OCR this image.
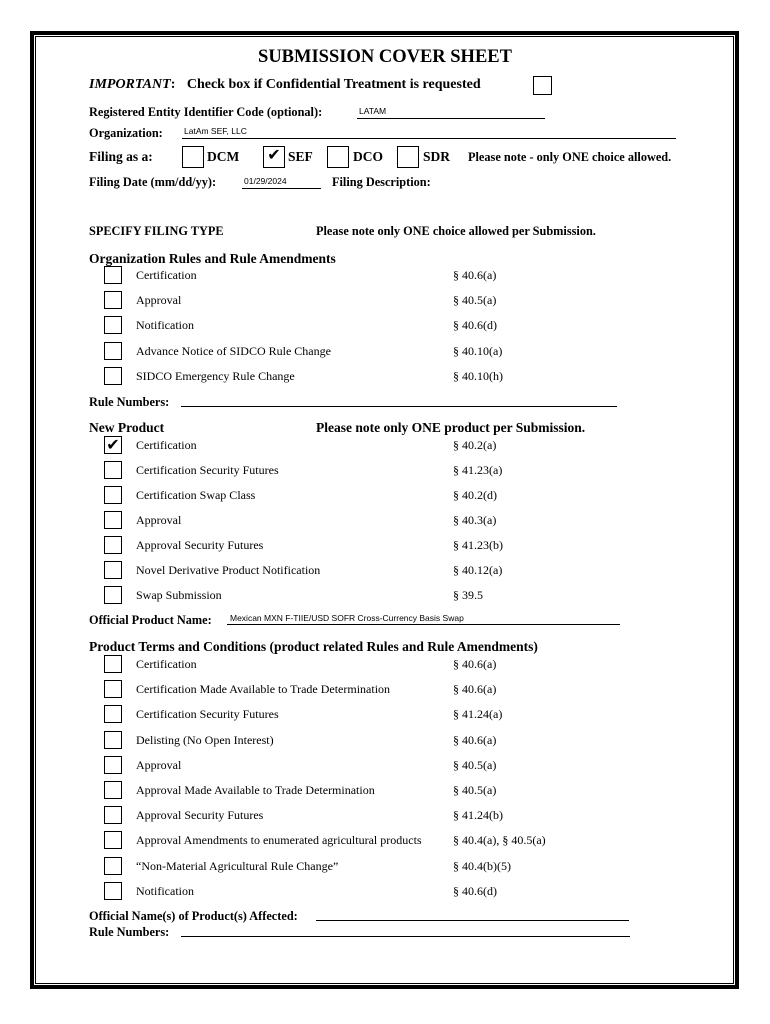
SUBMISSION COVER SHEET
IMPORTANT: Check box if Confidential Treatment is requested
Registered Entity Identifier Code (optional):	LATAM
Organization: LatAm SEF, LLC
Filing as a:	DCM
✔	SEF	DCO	SDR Please note - only ONE choice allowed.
Filing Date (mm/dd/yy):	01/29/2024	Filing Description:
SPECIFY FILING TYPE	Please note only ONE choice allowed per Submission.
Organization Rules and Rule Amendments
Certification	§ 40.6(a)
Approval	§ 40.5(a)
Notification	§ 40.6(d)
Advance Notice of SIDCO Rule Change	§ 40.10(a)
SIDCO Emergency Rule Change	§ 40.10(h)
Rule Numbers:
New Product	Please note only ONE product per Submission.
✔
Certification	§ 40.2(a)
Certification Security Futures	§ 41.23(a)
Certification Swap Class	§ 40.2(d)
Approval	§ 40.3(a)
Approval Security Futures	§ 41.23(b)
Novel Derivative Product Notification	§ 40.12(a)
Swap Submission	§ 39.5
Official Product Name: Mexican MXN F-TIIE/USD SOFR Cross-Currency Basis Swap
Product Terms and Conditions (product related Rules and Rule Amendments)
Certification	§ 40.6(a)
Certification Made Available to Trade Determination	§ 40.6(a)
Certification Security Futures	§ 41.24(a)
Delisting (No Open Interest)	§ 40.6(a)
Approval	§ 40.5(a)
Approval Made Available to Trade Determination	§ 40.5(a)
Approval Security Futures	§ 41.24(b)
Approval Amendments to enumerated agricultural products	§ 40.4(a), § 40.5(a)
“Non-Material Agricultural Rule Change”	§ 40.4(b)(5)
Notification	§ 40.6(d)
Official Name(s) of Product(s) Affected:
Rule Numbers:
